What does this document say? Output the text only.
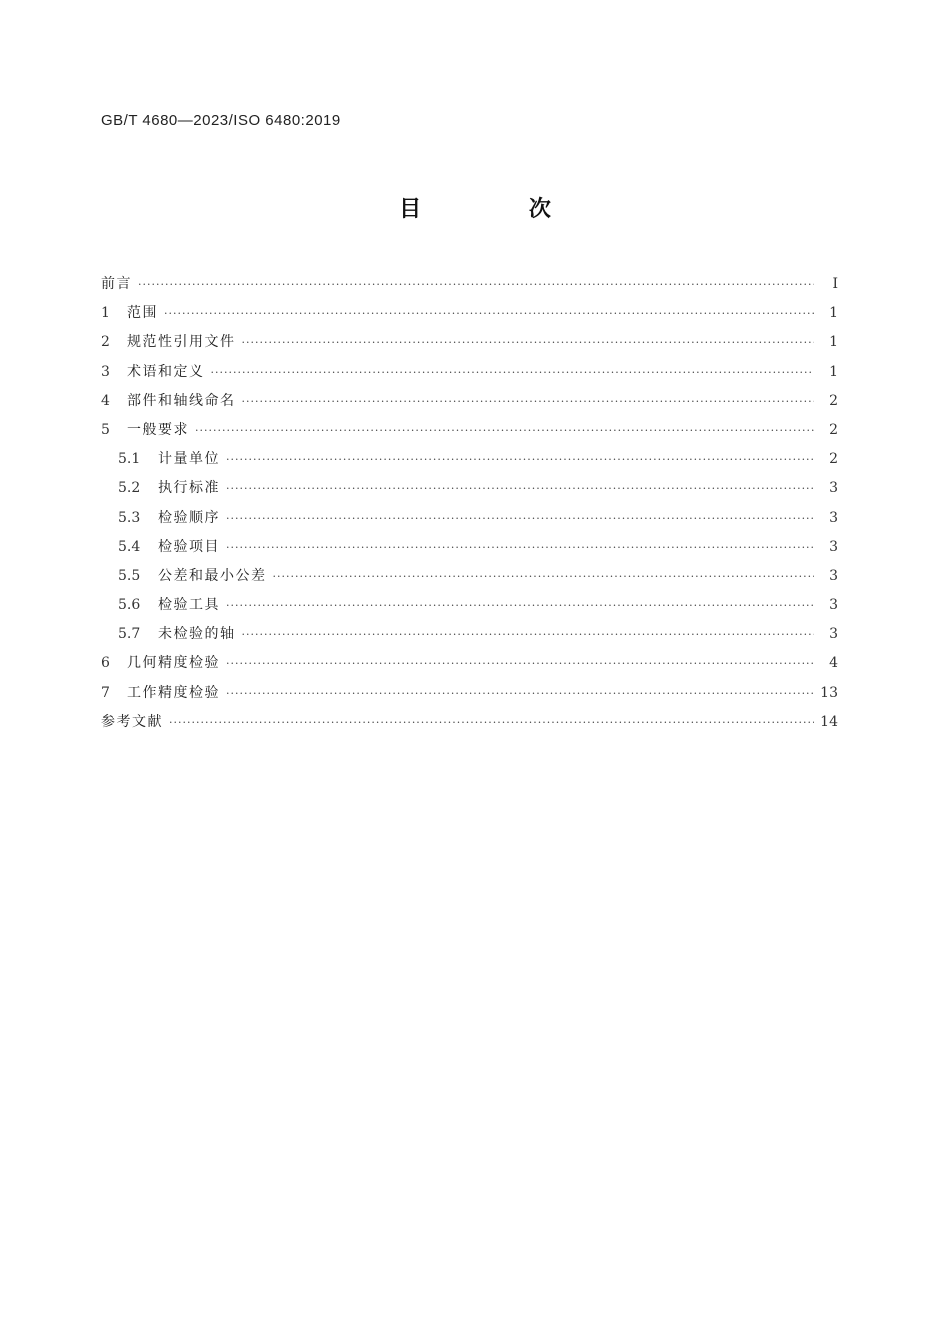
GB/T 4680—2023/ISO 6480:2019
目 次
前言 ·····	Ⅰ
1	范围 ·····	1
2	规范性引用文件 ·····	1
3	术语和定义 ·····	1
4	部件和轴线命名 ·····	2
5	一般要求 ·····	2
5.1	计量单位 ·····	2
5.2	执行标准 ·····	3
5.3	检验顺序 ·····	3
5.4	检验项目 ·····	3
5.5	公差和最小公差 ·····	3
5.6	检验工具 ·····	3
5.7	未检验的轴 ·····	3
6	几何精度检验 ·····	4
7	工作精度检验 ·····	13
参考文献 ·····	14
